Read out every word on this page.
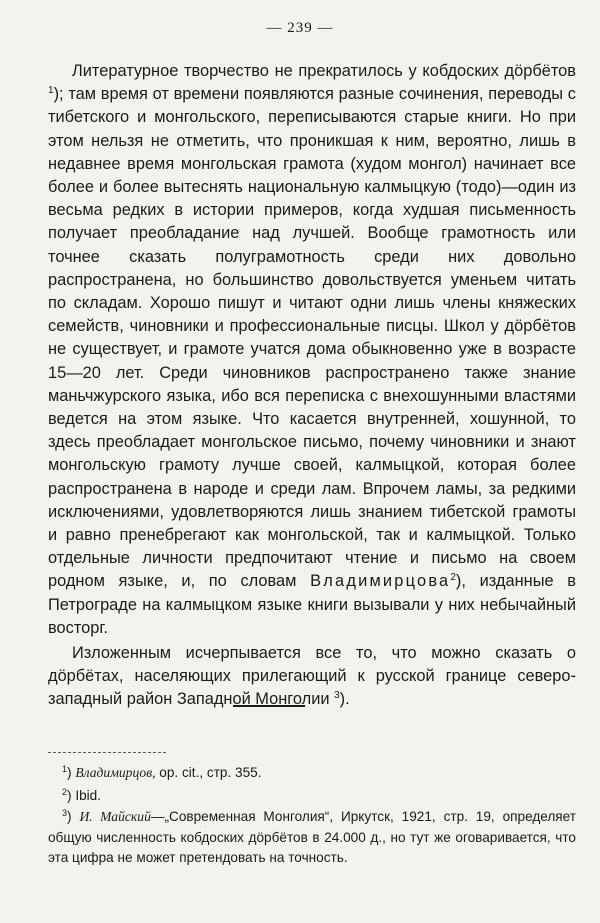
— 239 —

Литературное творчество не прекратилось у кобдоских дӧрбётов $^1$); там время от времени появляются разные сочинения, переводы с тибетского и монгольского, переписываются старые книги. Но при этом нельзя не отметить, что проникшая к ним, вероятно, лишь в недавнее время монгольская грамота (худом монгол) начинает все более и более вытеснять национальную калмыцкую (тодо)—один из весьма редких в истории примеров, когда худшая письменность получает преобладание над лучшей. Вообще грамотность или точнее сказать полуграмотность среди них довольно распространена, но большинство довольствуется уменьем читать по складам. Хорошо пишут и читают одни лишь члены княжеских семейств, чиновники и профессиональные писцы. Школ у дӧрбётов не существует, и грамоте учатся дома обыкновенно уже в возрасте 15—20 лет. Среди чиновников распространено также знание маньчжурского языка, ибо вся переписка с внехошунными властями ведется на этом языке. Что касается внутренней, хошунной, то здесь преобладает монгольское письмо, почему чиновники и знают монгольскую грамоту лучше своей, калмыцкой, которая более распространена в народе и среди лам. Впрочем ламы, за редкими исключениями, удовлетворяются лишь знанием тибетской грамоты и равно пренебрегают как монгольской, так и калмыцкой. Только отдельные личности предпочитают чтение и письмо на своем родном языке, и, по словам Владимирцова$^2$), изданные в Петрограде на калмыцком языке книги вызывали у них небычайный восторг.

Изложенным исчерпывается все то, что можно сказать о дӧрбётах, населяющих прилегающий к русской границе северо-западный район Западной Монголии $^3$).

$^1$) Владимирцов, op. cit., стр. 355.

$^2$) Ibid.

$^3$) И. Майский—„Современная Монголия“, Иркутск, 1921, стр. 19, определяет общую численность кобдоских дӧрбётов в 24.000 д., но тут же оговаривается, что эта цифра не может претендовать на точность.
